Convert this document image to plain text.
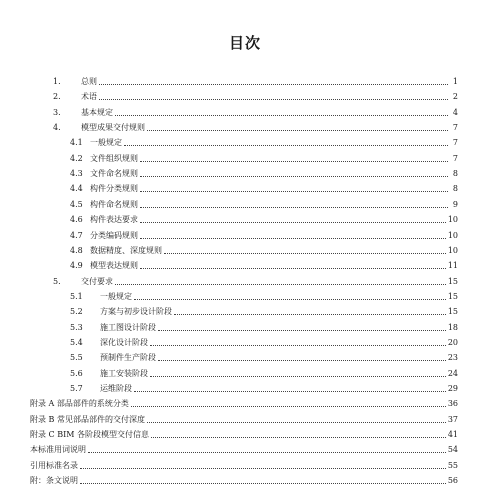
目次
1.	总则	1
2.	术语	2
3.	基本规定	4
4.	模型成果交付规则	7
4.1 一般规定	7
4.2 文件组织规则	7
4.3 文件命名规则	8
4.4 构件分类规则	8
4.5 构件命名规则	9
4.6 构件表达要求	10
4.7 分类编码规则	10
4.8 数据精度、深度规则	10
4.9 模型表达规则	11
5.	交付要求	15
5.1	一般规定	15
5.2	方案与初步设计阶段	15
5.3	施工图设计阶段	18
5.4	深化设计阶段	20
5.5	预制件生产阶段	23
5.6	施工安装阶段	24
5.7	运维阶段	29
附录 A 部品部件的系统分类	36
附录 B 常见部品部件的交付深度	37
附录 C BIM 各阶段模型交付信息	41
本标准用词说明	54
引用标准名录	55
附：条文说明	56
